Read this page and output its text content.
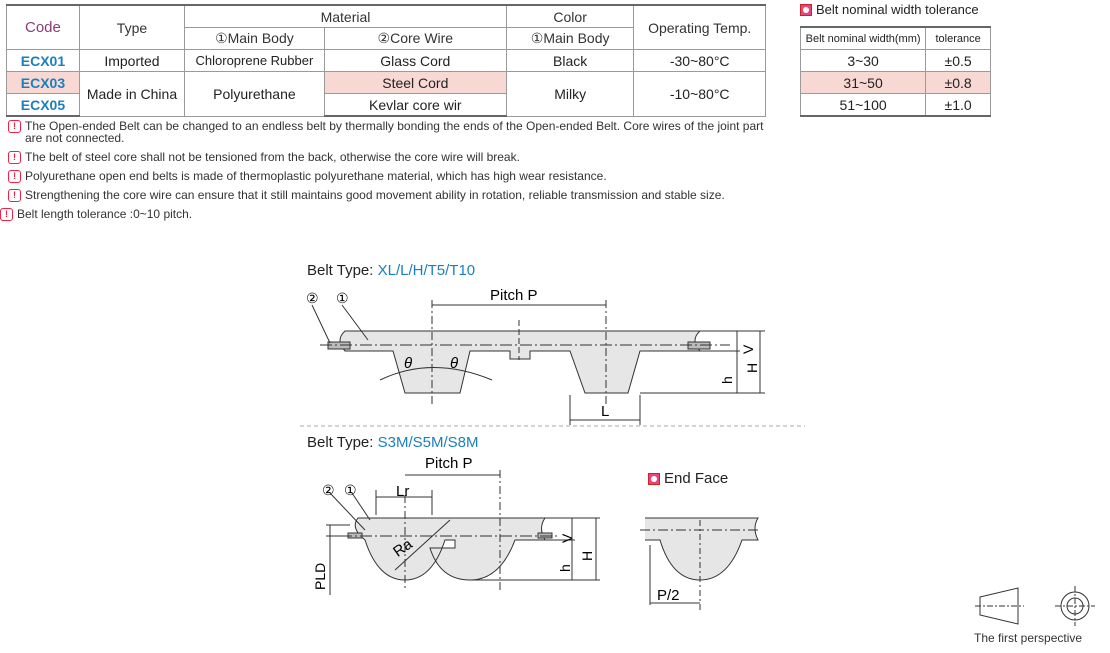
Code	Type	Material		Color	Operating Temp.
		①Main Body	②Core Wire	①Main Body	
ECX01	Imported	Chloroprene Rubber	Glass Cord	Black	-30~80°C
ECX03	Made in China	Polyurethane	Steel Cord	Milky	-10~80°C
ECX05			Kevlar core wir		
Belt nominal width tolerance
Belt nominal width(mm)	tolerance
3~30	±0.5
31~50	±0.8
51~100	±1.0
! The Open-ended Belt can be changed to an endless belt by thermally bonding the ends of the Open-ended Belt. Core wires of the joint part are not connected.
! The belt of steel core shall not be tensioned from the back, otherwise the core wire will break.
! Polyurethane open end belts is made of thermoplastic polyurethane material, which has high wear resistance.
! Strengthening the core wire can ensure that it still maintains good movement ability in rotation, reliable transmission and stable size.
! Belt length tolerance :0~10 pitch.
Belt Type: XL/L/H/T5/T10
Pitch P
② ①
θ	θ
V
H
h
L
Belt Type: S3M/S5M/S8M
Pitch P
Lr
Ra
② ①
PLD
V
H
h
End Face
P/2
The first perspective
